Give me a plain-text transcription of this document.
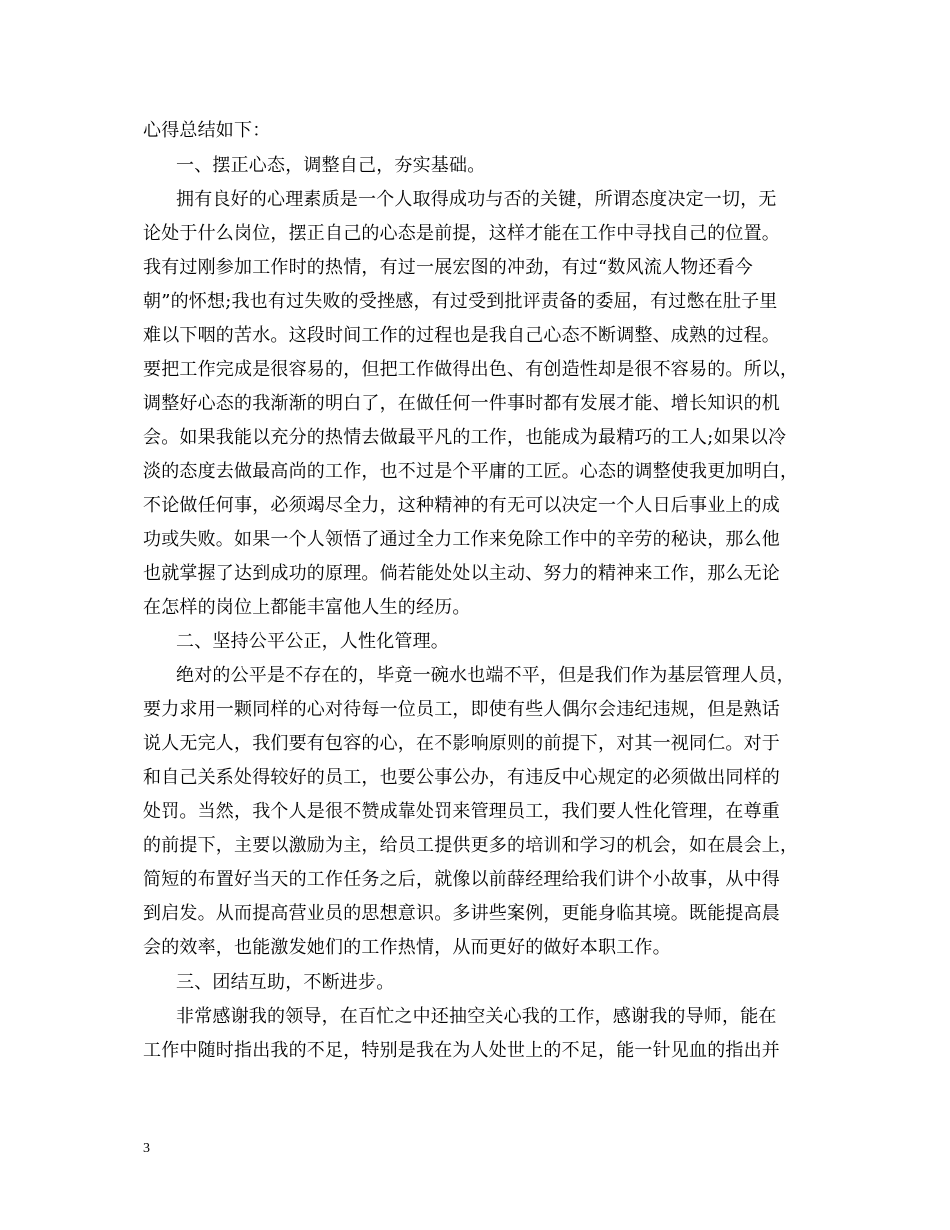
心得总结如下：
一、摆正心态，调整自己，夯实基础。
拥有良好的心理素质是一个人取得成功与否的关键，所谓态度决定一切，无
论处于什么岗位，摆正自己的心态是前提，这样才能在工作中寻找自己的位置。
我有过刚参加工作时的热情，有过一展宏图的冲劲，有过“数风流人物还看今
朝”的怀想;我也有过失败的受挫感，有过受到批评责备的委屈，有过憋在肚子里
难以下咽的苦水。这段时间工作的过程也是我自己心态不断调整、成熟的过程。
要把工作完成是很容易的，但把工作做得出色、有创造性却是很不容易的。所以，
调整好心态的我渐渐的明白了，在做任何一件事时都有发展才能、增长知识的机
会。如果我能以充分的热情去做最平凡的工作，也能成为最精巧的工人;如果以冷
淡的态度去做最高尚的工作，也不过是个平庸的工匠。心态的调整使我更加明白，
不论做任何事，必须竭尽全力，这种精神的有无可以决定一个人日后事业上的成
功或失败。如果一个人领悟了通过全力工作来免除工作中的辛劳的秘诀，那么他
也就掌握了达到成功的原理。倘若能处处以主动、努力的精神来工作，那么无论
在怎样的岗位上都能丰富他人生的经历。
二、坚持公平公正，人性化管理。
绝对的公平是不存在的，毕竟一碗水也端不平，但是我们作为基层管理人员，
要力求用一颗同样的心对待每一位员工，即使有些人偶尔会违纪违规，但是熟话
说人无完人，我们要有包容的心，在不影响原则的前提下，对其一视同仁。对于
和自己关系处得较好的员工，也要公事公办，有违反中心规定的必须做出同样的
处罚。当然，我个人是很不赞成靠处罚来管理员工，我们要人性化管理，在尊重
的前提下，主要以激励为主，给员工提供更多的培训和学习的机会，如在晨会上，
简短的布置好当天的工作任务之后，就像以前薛经理给我们讲个小故事，从中得
到启发。从而提高营业员的思想意识。多讲些案例，更能身临其境。既能提高晨
会的效率，也能激发她们的工作热情，从而更好的做好本职工作。
三、团结互助，不断进步。
非常感谢我的领导，在百忙之中还抽空关心我的工作，感谢我的导师，能在
工作中随时指出我的不足，特别是我在为人处世上的不足，能一针见血的指出并
3
